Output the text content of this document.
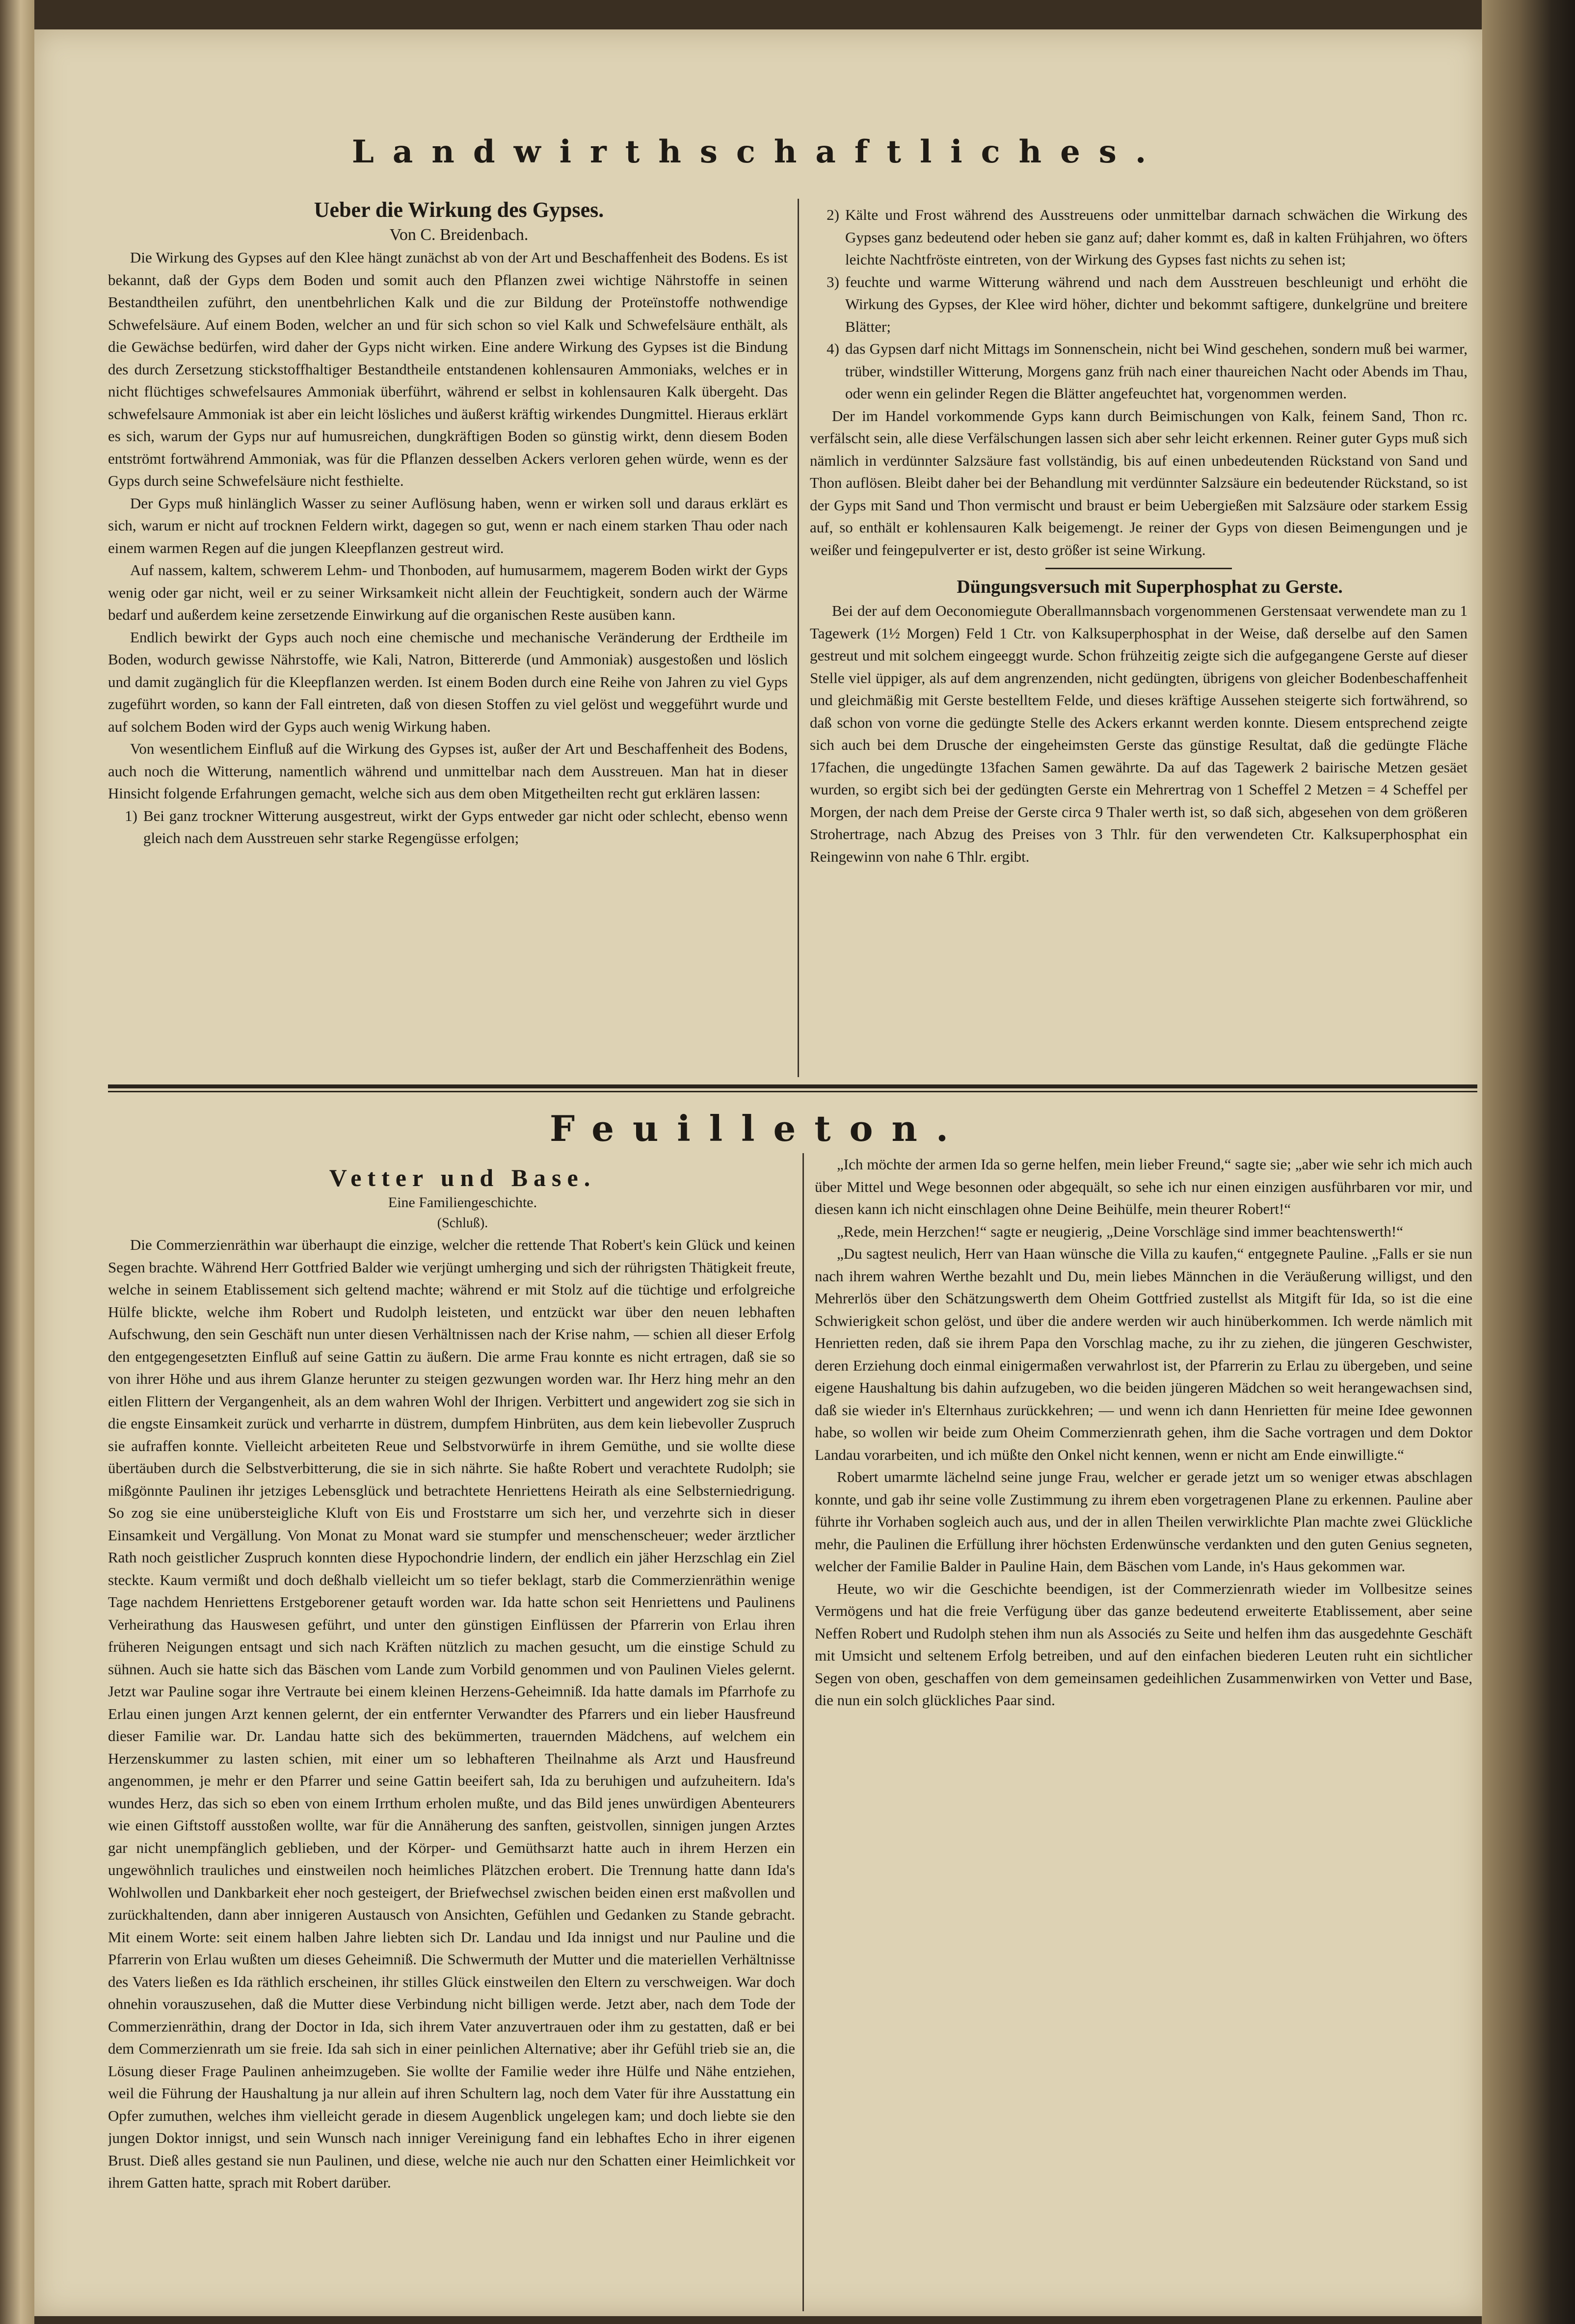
Landwirthschaftliches.

Ueber die Wirkung des Gypses.

Von C. Breidenbach.

Die Wirkung des Gypses auf den Klee hängt zunächst ab von der Art und Beschaffenheit des Bodens. Es ist bekannt, daß der Gyps dem Boden und somit auch den Pflanzen zwei wichtige Nährstoffe in seinen Bestandtheilen zuführt, den unentbehrlichen Kalk und die zur Bildung der Proteïnstoffe nothwendige Schwefelsäure. Auf einem Boden, welcher an und für sich schon so viel Kalk und Schwefelsäure enthält, als die Gewächse bedürfen, wird daher der Gyps nicht wirken. Eine andere Wirkung des Gypses ist die Bindung des durch Zersetzung stickstoffhaltiger Bestandtheile entstandenen kohlensauren Ammoniaks, welches er in nicht flüchtiges schwefelsaures Ammoniak überführt, während er selbst in kohlensauren Kalk übergeht. Das schwefelsaure Ammoniak ist aber ein leicht lösliches und äußerst kräftig wirkendes Dungmittel. Hieraus erklärt es sich, warum der Gyps nur auf humusreichen, dungkräftigen Boden so günstig wirkt, denn diesem Boden entströmt fortwährend Ammoniak, was für die Pflanzen desselben Ackers verloren gehen würde, wenn es der Gyps durch seine Schwefelsäure nicht festhielte.

Der Gyps muß hinlänglich Wasser zu seiner Auflösung haben, wenn er wirken soll und daraus erklärt es sich, warum er nicht auf trocknen Feldern wirkt, dagegen so gut, wenn er nach einem starken Thau oder nach einem warmen Regen auf die jungen Kleepflanzen gestreut wird.

Auf nassem, kaltem, schwerem Lehm- und Thonboden, auf humusarmem, magerem Boden wirkt der Gyps wenig oder gar nicht, weil er zu seiner Wirksamkeit nicht allein der Feuchtigkeit, sondern auch der Wärme bedarf und außerdem keine zersetzende Einwirkung auf die organischen Reste ausüben kann.

Endlich bewirkt der Gyps auch noch eine chemische und mechanische Veränderung der Erdtheile im Boden, wodurch gewisse Nährstoffe, wie Kali, Natron, Bittererde (und Ammoniak) ausgestoßen und löslich und damit zugänglich für die Kleepflanzen werden. Ist einem Boden durch eine Reihe von Jahren zu viel Gyps zugeführt worden, so kann der Fall eintreten, daß von diesen Stoffen zu viel gelöst und weggeführt wurde und auf solchem Boden wird der Gyps auch wenig Wirkung haben.

Von wesentlichem Einfluß auf die Wirkung des Gypses ist, außer der Art und Beschaffenheit des Bodens, auch noch die Witterung, namentlich während und unmittelbar nach dem Ausstreuen. Man hat in dieser Hinsicht folgende Erfahrungen gemacht, welche sich aus dem oben Mitgetheilten recht gut erklären lassen:

1) Bei ganz trockner Witterung ausgestreut, wirkt der Gyps entweder gar nicht oder schlecht, ebenso wenn gleich nach dem Ausstreuen sehr starke Regengüsse erfolgen;
2) Kälte und Frost während des Ausstreuens oder unmittelbar darnach schwächen die Wirkung des Gypses ganz bedeutend oder heben sie ganz auf; daher kommt es, daß in kalten Frühjahren, wo öfters leichte Nachtfröste eintreten, von der Wirkung des Gypses fast nichts zu sehen ist;
3) feuchte und warme Witterung während und nach dem Ausstreuen beschleunigt und erhöht die Wirkung des Gypses, der Klee wird höher, dichter und bekommt saftigere, dunkelgrüne und breitere Blätter;
4) das Gypsen darf nicht Mittags im Sonnenschein, nicht bei Wind geschehen, sondern muß bei warmer, trüber, windstiller Witterung, Morgens ganz früh nach einer thaureichen Nacht oder Abends im Thau, oder wenn ein gelinder Regen die Blätter angefeuchtet hat, vorgenommen werden.

Der im Handel vorkommende Gyps kann durch Beimischungen von Kalk, feinem Sand, Thon rc. verfälscht sein, alle diese Verfälschungen lassen sich aber sehr leicht erkennen. Reiner guter Gyps muß sich nämlich in verdünnter Salzsäure fast vollständig, bis auf einen unbedeutenden Rückstand von Sand und Thon auflösen. Bleibt daher bei der Behandlung mit verdünnter Salzsäure ein bedeutender Rückstand, so ist der Gyps mit Sand und Thon vermischt und braust er beim Uebergießen mit Salzsäure oder starkem Essig auf, so enthält er kohlensauren Kalk beigemengt. Je reiner der Gyps von diesen Beimengungen und je weißer und feingepulverter er ist, desto größer ist seine Wirkung.

Düngungsversuch mit Superphosphat zu Gerste.

Bei der auf dem Oeconomiegute Oberallmannsbach vorgenommenen Gerstensaat verwendete man zu 1 Tagewerk (1½ Morgen) Feld 1 Ctr. von Kalksuperphosphat in der Weise, daß derselbe auf den Samen gestreut und mit solchem eingeeggt wurde. Schon frühzeitig zeigte sich die aufgegangene Gerste auf dieser Stelle viel üppiger, als auf dem angrenzenden, nicht gedüngten, übrigens von gleicher Bodenbeschaffenheit und gleichmäßig mit Gerste bestelltem Felde, und dieses kräftige Aussehen steigerte sich fortwährend, so daß schon von vorne die gedüngte Stelle des Ackers erkannt werden konnte. Diesem entsprechend zeigte sich auch bei dem Drusche der eingeheimsten Gerste das günstige Resultat, daß die gedüngte Fläche 17fachen, die ungedüngte 13fachen Samen gewährte. Da auf das Tagewerk 2 bairische Metzen gesäet wurden, so ergibt sich bei der gedüngten Gerste ein Mehrertrag von 1 Scheffel 2 Metzen = 4 Scheffel per Morgen, der nach dem Preise der Gerste circa 9 Thaler werth ist, so daß sich, abgesehen von dem größeren Strohertrage, nach Abzug des Preises von 3 Thlr. für den verwendeten Ctr. Kalksuperphosphat ein Reingewinn von nahe 6 Thlr. ergibt.

Feuilleton.

Vetter und Base.

Eine Familiengeschichte.

(Schluß).

Die Commerzienräthin war überhaupt die einzige, welcher die rettende That Robert's kein Glück und keinen Segen brachte. Während Herr Gottfried Balder wie verjüngt umherging und sich der rührigsten Thätigkeit freute, welche in seinem Etablissement sich geltend machte; während er mit Stolz auf die tüchtige und erfolgreiche Hülfe blickte, welche ihm Robert und Rudolph leisteten, und entzückt war über den neuen lebhaften Aufschwung, den sein Geschäft nun unter diesen Verhältnissen nach der Krise nahm, — schien all dieser Erfolg den entgegengesetzten Einfluß auf seine Gattin zu äußern. Die arme Frau konnte es nicht ertragen, daß sie so von ihrer Höhe und aus ihrem Glanze herunter zu steigen gezwungen worden war. Ihr Herz hing mehr an den eitlen Flittern der Vergangenheit, als an dem wahren Wohl der Ihrigen. Verbittert und angewidert zog sie sich in die engste Einsamkeit zurück und verharrte in düstrem, dumpfem Hinbrüten, aus dem kein liebevoller Zuspruch sie aufraffen konnte. Vielleicht arbeiteten Reue und Selbstvorwürfe in ihrem Gemüthe, und sie wollte diese übertäuben durch die Selbstverbitterung, die sie in sich nährte. Sie haßte Robert und verachtete Rudolph; sie mißgönnte Paulinen ihr jetziges Lebensglück und betrachtete Henriettens Heirath als eine Selbsterniedrigung. So zog sie eine unübersteigliche Kluft von Eis und Froststarre um sich her, und verzehrte sich in dieser Einsamkeit und Vergällung. Von Monat zu Monat ward sie stumpfer und menschenscheuer; weder ärztlicher Rath noch geistlicher Zuspruch konnten diese Hypochondrie lindern, der endlich ein jäher Herzschlag ein Ziel steckte. Kaum vermißt und doch deßhalb vielleicht um so tiefer beklagt, starb die Commerzienräthin wenige Tage nachdem Henriettens Erstgeborener getauft worden war. Ida hatte schon seit Henriettens und Paulinens Verheirathung das Hauswesen geführt, und unter den günstigen Einflüssen der Pfarrerin von Erlau ihren früheren Neigungen entsagt und sich nach Kräften nützlich zu machen gesucht, um die einstige Schuld zu sühnen. Auch sie hatte sich das Bäschen vom Lande zum Vorbild genommen und von Paulinen Vieles gelernt. Jetzt war Pauline sogar ihre Vertraute bei einem kleinen Herzens-Geheimniß. Ida hatte damals im Pfarrhofe zu Erlau einen jungen Arzt kennen gelernt, der ein entfernter Verwandter des Pfarrers und ein lieber Hausfreund dieser Familie war. Dr. Landau hatte sich des bekümmerten, trauernden Mädchens, auf welchem ein Herzenskummer zu lasten schien, mit einer um so lebhafteren Theilnahme als Arzt und Hausfreund angenommen, je mehr er den Pfarrer und seine Gattin beeifert sah, Ida zu beruhigen und aufzuheitern. Ida's wundes Herz, das sich so eben von einem Irrthum erholen mußte, und das Bild jenes unwürdigen Abenteurers wie einen Giftstoff ausstoßen wollte, war für die Annäherung des sanften, geistvollen, sinnigen jungen Arztes gar nicht unempfänglich geblieben, und der Körper- und Gemüthsarzt hatte auch in ihrem Herzen ein ungewöhnlich trauliches und einstweilen noch heimliches Plätzchen erobert. Die Trennung hatte dann Ida's Wohlwollen und Dankbarkeit eher noch gesteigert, der Briefwechsel zwischen beiden einen erst maßvollen und zurückhaltenden, dann aber innigeren Austausch von Ansichten, Gefühlen und Gedanken zu Stande gebracht. Mit einem Worte: seit einem halben Jahre liebten sich Dr. Landau und Ida innigst und nur Pauline und die Pfarrerin von Erlau wußten um dieses Geheimniß. Die Schwermuth der Mutter und die materiellen Verhältnisse des Vaters ließen es Ida räthlich erscheinen, ihr stilles Glück einstweilen den Eltern zu verschweigen. War doch ohnehin vorauszusehen, daß die Mutter diese Verbindung nicht billigen werde. Jetzt aber, nach dem Tode der Commerzienräthin, drang der Doctor in Ida, sich ihrem Vater anzuvertrauen oder ihm zu gestatten, daß er bei dem Commerzienrath um sie freie. Ida sah sich in einer peinlichen Alternative; aber ihr Gefühl trieb sie an, die Lösung dieser Frage Paulinen anheimzugeben. Sie wollte der Familie weder ihre Hülfe und Nähe entziehen, weil die Führung der Haushaltung ja nur allein auf ihren Schultern lag, noch dem Vater für ihre Ausstattung ein Opfer zumuthen, welches ihm vielleicht gerade in diesem Augenblick ungelegen kam; und doch liebte sie den jungen Doktor innigst, und sein Wunsch nach inniger Vereinigung fand ein lebhaftes Echo in ihrer eigenen Brust. Dieß alles gestand sie nun Paulinen, und diese, welche nie auch nur den Schatten einer Heimlichkeit vor ihrem Gatten hatte, sprach mit Robert darüber.

„Ich möchte der armen Ida so gerne helfen, mein lieber Freund,“ sagte sie; „aber wie sehr ich mich auch über Mittel und Wege besonnen oder abgequält, so sehe ich nur einen einzigen ausführbaren vor mir, und diesen kann ich nicht einschlagen ohne Deine Beihülfe, mein theurer Robert!“

„Rede, mein Herzchen!“ sagte er neugierig, „Deine Vorschläge sind immer beachtenswerth!“

„Du sagtest neulich, Herr van Haan wünsche die Villa zu kaufen,“ entgegnete Pauline. „Falls er sie nun nach ihrem wahren Werthe bezahlt und Du, mein liebes Männchen in die Veräußerung willigst, und den Mehrerlös über den Schätzungswerth dem Oheim Gottfried zustellst als Mitgift für Ida, so ist die eine Schwierigkeit schon gelöst, und über die andere werden wir auch hinüberkommen. Ich werde nämlich mit Henrietten reden, daß sie ihrem Papa den Vorschlag mache, zu ihr zu ziehen, die jüngeren Geschwister, deren Erziehung doch einmal einigermaßen verwahrlost ist, der Pfarrerin zu Erlau zu übergeben, und seine eigene Haushaltung bis dahin aufzugeben, wo die beiden jüngeren Mädchen so weit herangewachsen sind, daß sie wieder in's Elternhaus zurückkehren; — und wenn ich dann Henrietten für meine Idee gewonnen habe, so wollen wir beide zum Oheim Commerzienrath gehen, ihm die Sache vortragen und dem Doktor Landau vorarbeiten, und ich müßte den Onkel nicht kennen, wenn er nicht am Ende einwilligte.“

Robert umarmte lächelnd seine junge Frau, welcher er gerade jetzt um so weniger etwas abschlagen konnte, und gab ihr seine volle Zustimmung zu ihrem eben vorgetragenen Plane zu erkennen. Pauline aber führte ihr Vorhaben sogleich auch aus, und der in allen Theilen verwirklichte Plan machte zwei Glückliche mehr, die Paulinen die Erfüllung ihrer höchsten Erdenwünsche verdankten und den guten Genius segneten, welcher der Familie Balder in Pauline Hain, dem Bäschen vom Lande, in's Haus gekommen war.

Heute, wo wir die Geschichte beendigen, ist der Commerzienrath wieder im Vollbesitze seines Vermögens und hat die freie Verfügung über das ganze bedeutend erweiterte Etablissement, aber seine Neffen Robert und Rudolph stehen ihm nun als Associés zu Seite und helfen ihm das ausgedehnte Geschäft mit Umsicht und seltenem Erfolg betreiben, und auf den einfachen biederen Leuten ruht ein sichtlicher Segen von oben, geschaffen von dem gemeinsamen gedeihlichen Zusammenwirken von Vetter und Base, die nun ein solch glückliches Paar sind.
